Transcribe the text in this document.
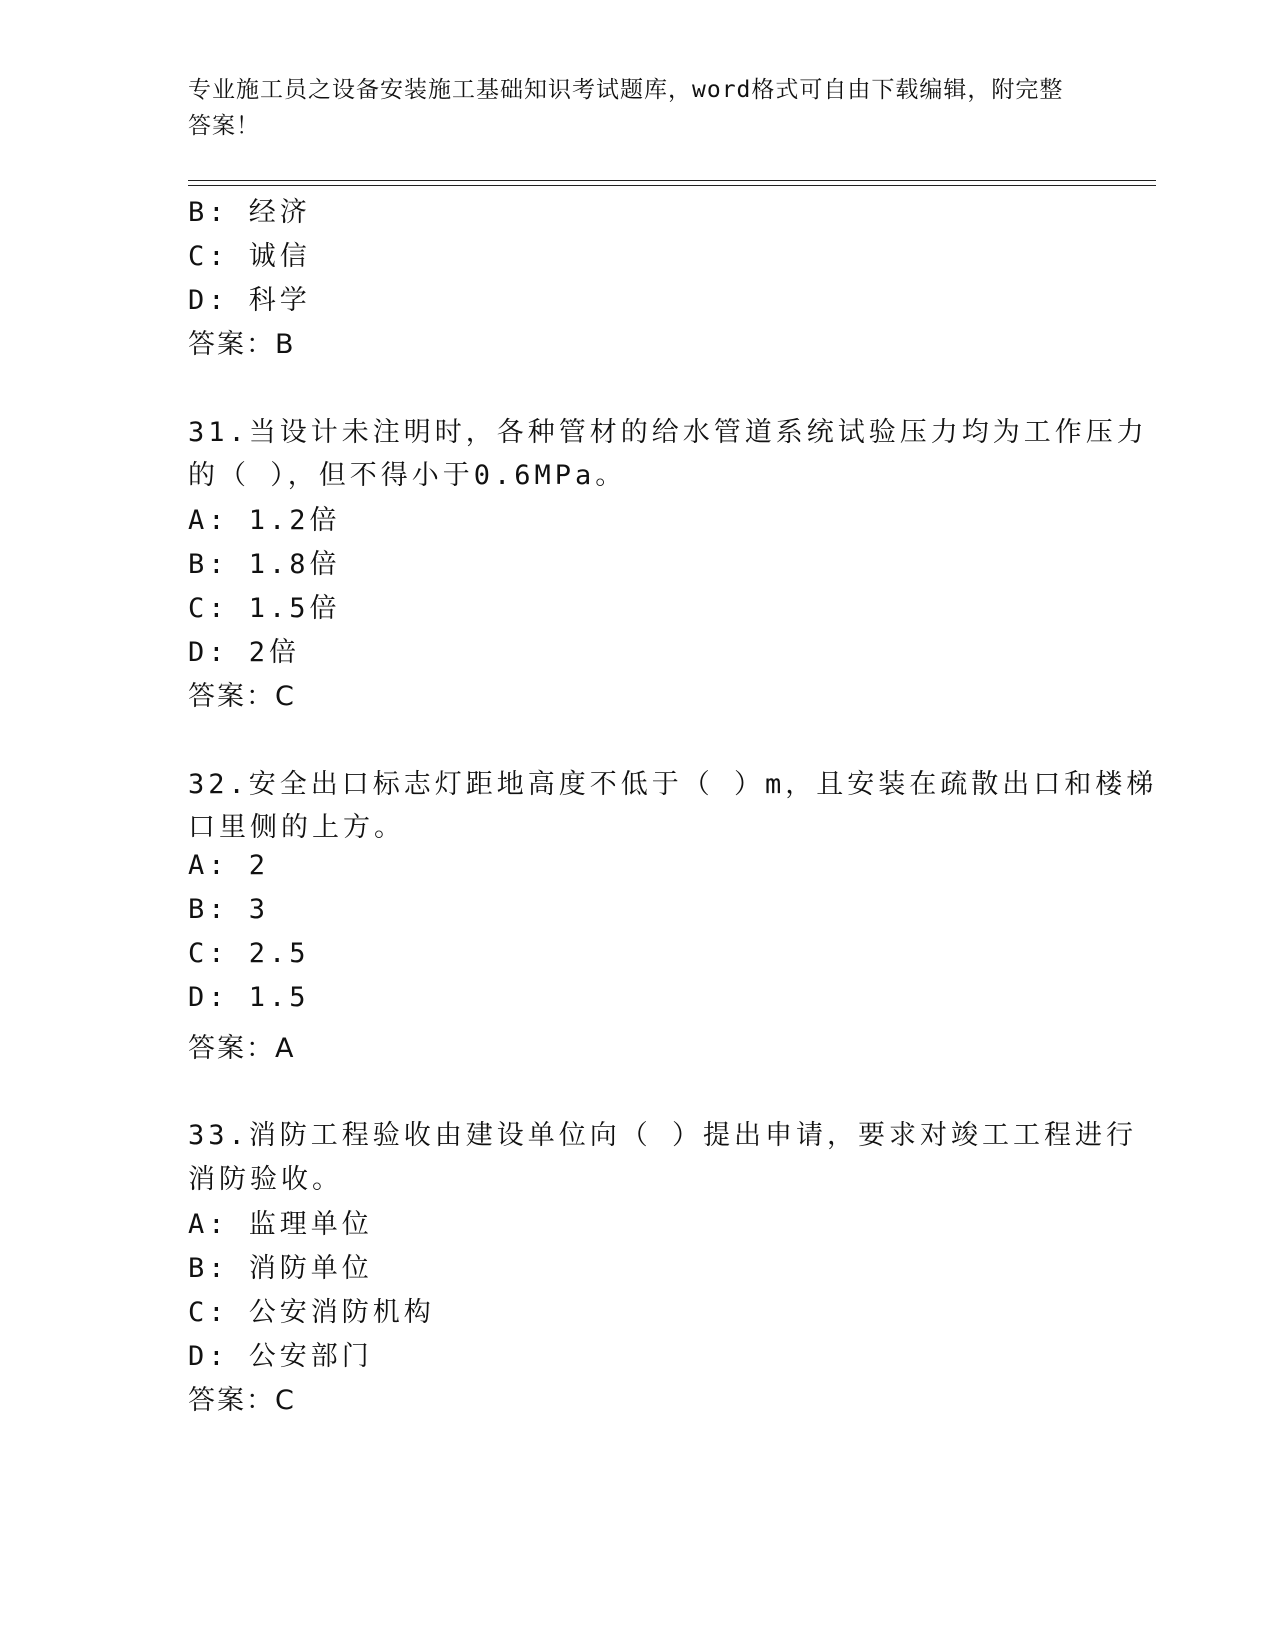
专业施工员之设备安装施工基础知识考试题库，word格式可自由下载编辑，附完整答案！
B: 经济
C: 诚信
D: 科学
答案：B
31.当设计未注明时，各种管材的给水管道系统试验压力均为工作压力
的（ ），但不得小于0.6MPa。
A: 1.2倍
B: 1.8倍
C: 1.5倍
D: 2倍
答案：C
32.安全出口标志灯距地高度不低于（ ）m，且安装在疏散出口和楼梯
口里侧的上方。
A: 2
B: 3
C: 2.5
D: 1.5
答案：A
33.消防工程验收由建设单位向（ ）提出申请，要求对竣工工程进行
消防验收。
A: 监理单位
B: 消防单位
C: 公安消防机构
D: 公安部门
答案：C
